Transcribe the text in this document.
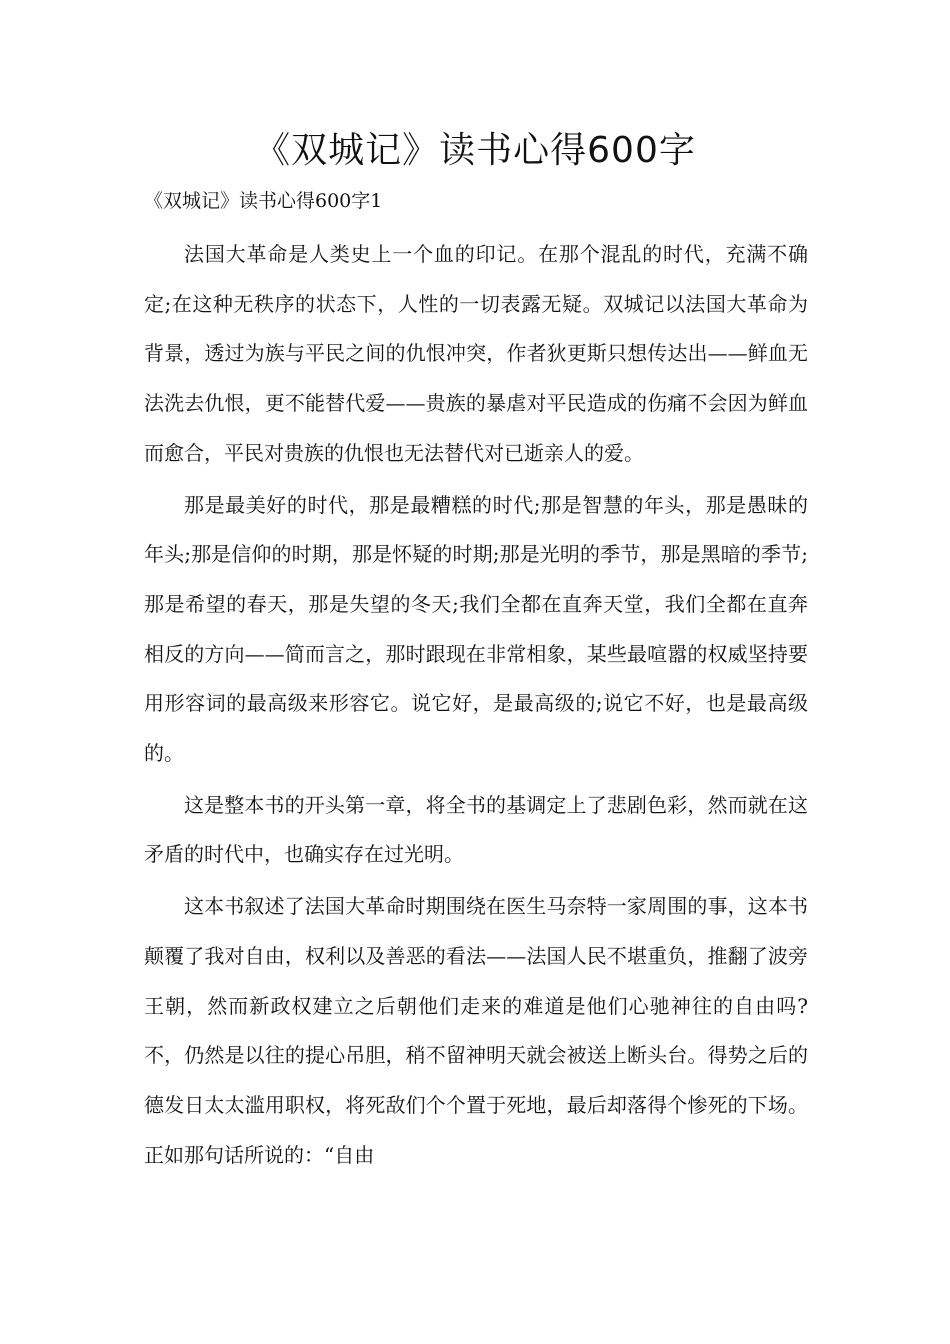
《双城记》读书心得600字

《双城记》读书心得600字1

法国大革命是人类史上一个血的印记。在那个混乱的时代，充满不确定;在这种无秩序的状态下，人性的一切表露无疑。双城记以法国大革命为背景，透过为族与平民之间的仇恨冲突，作者狄更斯只想传达出——鲜血无法洗去仇恨，更不能替代爱——贵族的暴虐对平民造成的伤痛不会因为鲜血而愈合，平民对贵族的仇恨也无法替代对已逝亲人的爱。

那是最美好的时代，那是最糟糕的时代;那是智慧的年头，那是愚昧的年头;那是信仰的时期，那是怀疑的时期;那是光明的季节，那是黑暗的季节;那是希望的春天，那是失望的冬天;我们全都在直奔天堂，我们全都在直奔相反的方向——简而言之，那时跟现在非常相象，某些最喧嚣的权威坚持要用形容词的最高级来形容它。说它好，是最高级的;说它不好，也是最高级的。

这是整本书的开头第一章，将全书的基调定上了悲剧色彩，然而就在这矛盾的时代中，也确实存在过光明。

这本书叙述了法国大革命时期围绕在医生马奈特一家周围的事，这本书颠覆了我对自由，权利以及善恶的看法——法国人民不堪重负，推翻了波旁王朝，然而新政权建立之后朝他们走来的难道是他们心驰神往的自由吗?不，仍然是以往的提心吊胆，稍不留神明天就会被送上断头台。得势之后的德发日太太滥用职权，将死敌们个个置于死地，最后却落得个惨死的下场。正如那句话所说的：“自由
